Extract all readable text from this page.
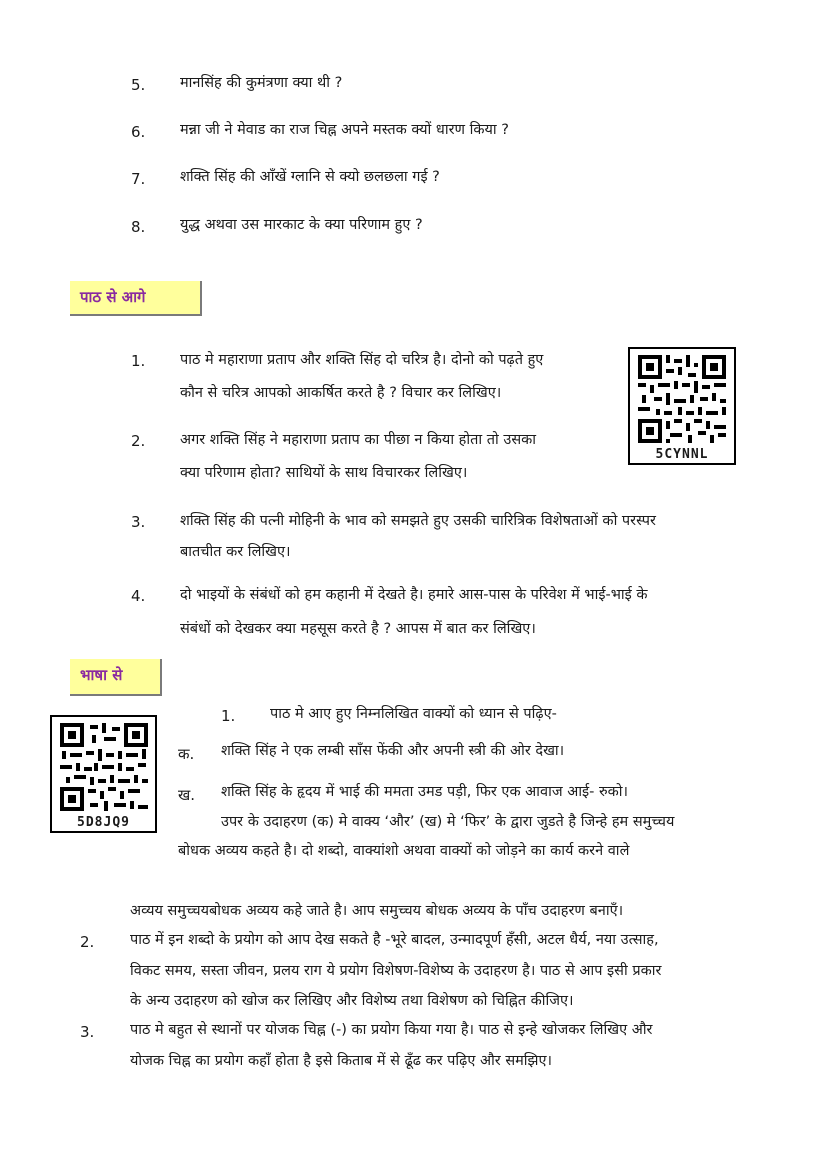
5. मानसिंह की कुमंत्रणा क्या थी ?
6. मन्ना जी ने मेवाड का राज चिह्न अपने मस्तक क्यों धारण किया ?
7. शक्ति सिंह की आँखें ग्लानि से क्यो छलछला गई ?
8. युद्ध अथवा उस मारकाट के क्या परिणाम हुए ?
पाठ से आगे
1. पाठ मे महाराणा प्रताप और शक्ति सिंह दो चरित्र है। दोनो को पढ़ते हुए
कौन से चरित्र आपको आकर्षित करते है ? विचार कर लिखिए।
2. अगर शक्ति सिंह ने महाराणा प्रताप का पीछा न किया होता तो उसका
क्या परिणाम होता? साथियों के साथ विचारकर लिखिए।
3. शक्ति सिंह की पत्नी मोहिनी के भाव को समझते हुए उसकी चारित्रिक विशेषताओं को परस्पर
बातचीत कर लिखिए।
4. दो भाइयों के संबंधों को हम कहानी में देखते है। हमारे आस-पास के परिवेश में भाई-भाई के
संबंधों को देखकर क्या महसूस करते है ? आपस में बात कर लिखिए।
5CYNNL
भाषा से
5D8JQ9
1. पाठ मे आए हुए निम्नलिखित वाक्यों को ध्यान से पढ़िए-
क. शक्ति सिंह ने एक लम्बी साँस फेंकी और अपनी स्त्री की ओर देखा।
ख. शक्ति सिंह के हृदय में भाई की ममता उमड पड़ी, फिर एक आवाज आई- रुको।
उपर के उदाहरण (क) मे वाक्य ‘और’ (ख) मे ‘फिर’ के द्वारा जुडते है जिन्हे हम समुच्चय
बोधक अव्यय कहते है। दो शब्दो, वाक्यांशो अथवा वाक्यों को जोड़ने का कार्य करने वाले
अव्यय समुच्चयबोधक अव्यय कहे जाते है। आप समुच्चय बोधक अव्यय के पाँच उदाहरण बनाएँ।
2. पाठ में इन शब्दो के प्रयोग को आप देख सकते है -भूरे बादल, उन्मादपूर्ण हँसी, अटल धैर्य, नया उत्साह,
विकट समय, सस्ता जीवन, प्रलय राग ये प्रयोग विशेषण-विशेष्य के उदाहरण है। पाठ से आप इसी प्रकार
के अन्य उदाहरण को खोज कर लिखिए और विशेष्य तथा विशेषण को चिह्नित कीजिए।
3. पाठ मे बहुत से स्थानों पर योजक चिह्न (-) का प्रयोग किया गया है। पाठ से इन्हे खोजकर लिखिए और
योजक चिह्न का प्रयोग कहाँ होता है इसे किताब में से ढूँढ कर पढ़िए और समझिए।
